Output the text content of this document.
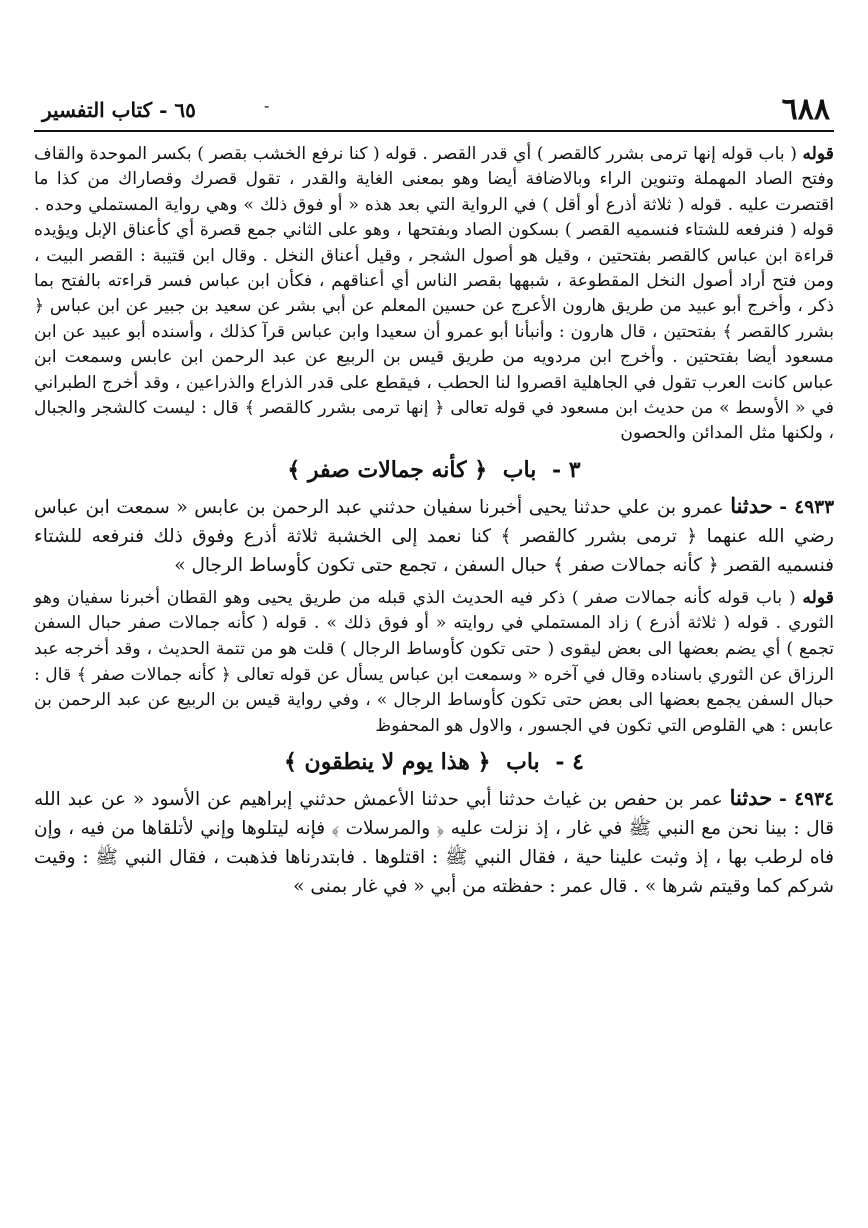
٦٨٨
-
٦٥ - كتاب التفسير

قوله ( باب قوله إنها ترمى بشرر كالقصر ) أي قدر القصر . قوله ( كنا نرفع الخشب بقصر ) بكسر الموحدة والقاف وفتح الصاد المهملة وتنوين الراء وبالاضافة أيضا وهو بمعنى الغاية والقدر ، تقول قصرك وقصاراك من كذا ما اقتصرت عليه . قوله ( ثلاثة أذرع أو أقل ) في الرواية التي بعد هذه « أو فوق ذلك » وهي رواية المستملي وحده . قوله ( فنرفعه للشتاء فنسميه القصر ) بسكون الصاد وبفتحها ، وهو على الثاني جمع قصرة أي كأعناق الإبل ويؤيده قراءة ابن عباس كالقصر بفتحتين ، وقيل هو أصول الشجر ، وقيل أعناق النخل . وقال ابن قتيبة : القصر البيت ، ومن فتح أراد أصول النخل المقطوعة ، شبهها بقصر الناس أي أعناقهم ، فكأن ابن عباس فسر قراءته بالفتح بما ذكر ، وأخرج أبو عبيد من طريق هارون الأعرج عن حسين المعلم عن أبي بشر عن سعيد بن جبير عن ابن عباس ﴿ بشرر كالقصر ﴾ بفتحتين ، قال هارون : وأنبأنا أبو عمرو أن سعيدا وابن عباس قرآ كذلك ، وأسنده أبو عبيد عن ابن مسعود أيضا بفتحتين . وأخرج ابن مردويه من طريق قيس بن الربيع عن عبد الرحمن ابن عابس وسمعت ابن عباس كانت العرب تقول في الجاهلية اقصروا لنا الحطب ، فيقطع على قدر الذراع والذراعين ، وقد أخرج الطبراني في « الأوسط » من حديث ابن مسعود في قوله تعالى ﴿ إنها ترمى بشرر كالقصر ﴾ قال : ليست كالشجر والجبال ، ولكنها مثل المدائن والحصون

٣ - باب ﴿ كأنه جمالات صفر ﴾

٤٩٣٣ - حدثنا عمرو بن علي حدثنا يحيى أخبرنا سفيان حدثني عبد الرحمن بن عابس « سمعت ابن عباس رضي الله عنهما ﴿ ترمى بشرر كالقصر ﴾ كنا نعمد إلى الخشبة ثلاثة أذرع وفوق ذلك فنرفعه للشتاء فنسميه القصر ﴿ كأنه جمالات صفر ﴾ حبال السفن ، تجمع حتى تكون كأوساط الرجال »

قوله ( باب قوله كأنه جمالات صفر ) ذكر فيه الحديث الذي قبله من طريق يحيى وهو القطان أخبرنا سفيان وهو الثوري . قوله ( ثلاثة أذرع ) زاد المستملي في روايته « أو فوق ذلك » . قوله ( كأنه جمالات صفر حبال السفن تجمع ) أي يضم بعضها الى بعض ليقوى ( حتى تكون كأوساط الرجال ) قلت هو من تتمة الحديث ، وقد أخرجه عبد الرزاق عن الثوري باسناده وقال في آخره « وسمعت ابن عباس يسأل عن قوله تعالى ﴿ كأنه جمالات صفر ﴾ قال : حبال السفن يجمع بعضها الى بعض حتى تكون كأوساط الرجال » ، وفي رواية قيس بن الربيع عن عبد الرحمن بن عابس : هي القلوص التي تكون في الجسور ، والاول هو المحفوظ

٤ - باب ﴿ هذا يوم لا ينطقون ﴾

٤٩٣٤ - حدثنا عمر بن حفص بن غياث حدثنا أبي حدثنا الأعمش حدثني إبراهيم عن الأسود « عن عبد الله قال : بينا نحن مع النبي ﷺ في غار ، إذ نزلت عليه ﴿ والمرسلات ﴾ فإنه ليتلوها وإني لأتلقاها من فيه ، وإن فاه لرطب بها ، إذ وثبت علينا حية ، فقال النبي ﷺ : اقتلوها . فابتدرناها فذهبت ، فقال النبي ﷺ : وقيت شركم كما وقيتم شرها » . قال عمر : حفظته من أبي « في غار بمنى »
